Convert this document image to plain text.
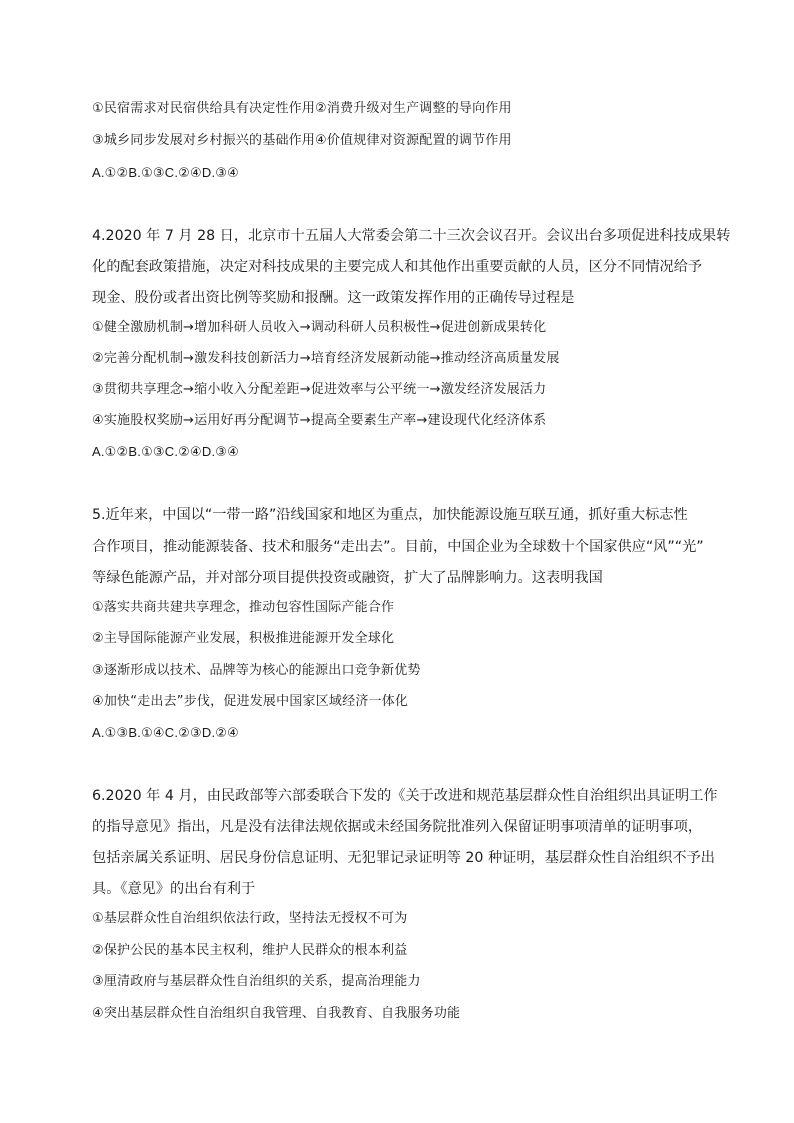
①民宿需求对民宿供给具有决定性作用②消费升级对生产调整的导向作用
③城乡同步发展对乡村振兴的基础作用④价值规律对资源配置的调节作用
A.①②B.①③C.②④D.③④
4.2020 年 7 月 28 日，北京市十五届人大常委会第二十三次会议召开。会议出台多项促进科技成果转
化的配套政策措施，决定对科技成果的主要完成人和其他作出重要贡献的人员，区分不同情况给予
现金、股份或者出资比例等奖励和报酬。这一政策发挥作用的正确传导过程是
①健全激励机制→增加科研人员收入→调动科研人员积极性→促进创新成果转化
②完善分配机制→激发科技创新活力→培育经济发展新动能→推动经济高质量发展
③贯彻共享理念→缩小收入分配差距→促进效率与公平统一→激发经济发展活力
④实施股权奖励→运用好再分配调节→提高全要素生产率→建设现代化经济体系
A.①②B.①③C.②④D.③④
5.近年来，中国以“一带一路”沿线国家和地区为重点，加快能源设施互联互通，抓好重大标志性
合作项目，推动能源装备、技术和服务“走出去”。目前，中国企业为全球数十个国家供应“风”“光”
等绿色能源产品，并对部分项目提供投资或融资，扩大了品牌影响力。这表明我国
①落实共商共建共享理念，推动包容性国际产能合作
②主导国际能源产业发展，积极推进能源开发全球化
③逐渐形成以技术、品牌等为核心的能源出口竞争新优势
④加快“走出去”步伐，促进发展中国家区域经济一体化
A.①③B.①④C.②③D.②④
6.2020 年 4 月，由民政部等六部委联合下发的《关于改进和规范基层群众性自治组织出具证明工作
的指导意见》指出，凡是没有法律法规依据或未经国务院批准列入保留证明事项清单的证明事项，
包括亲属关系证明、居民身份信息证明、无犯罪记录证明等 20 种证明，基层群众性自治组织不予出
具。《意见》的出台有利于
①基层群众性自治组织依法行政，坚持法无授权不可为
②保护公民的基本民主权利，维护人民群众的根本利益
③厘清政府与基层群众性自治组织的关系，提高治理能力
④突出基层群众性自治组织自我管理、自我教育、自我服务功能
